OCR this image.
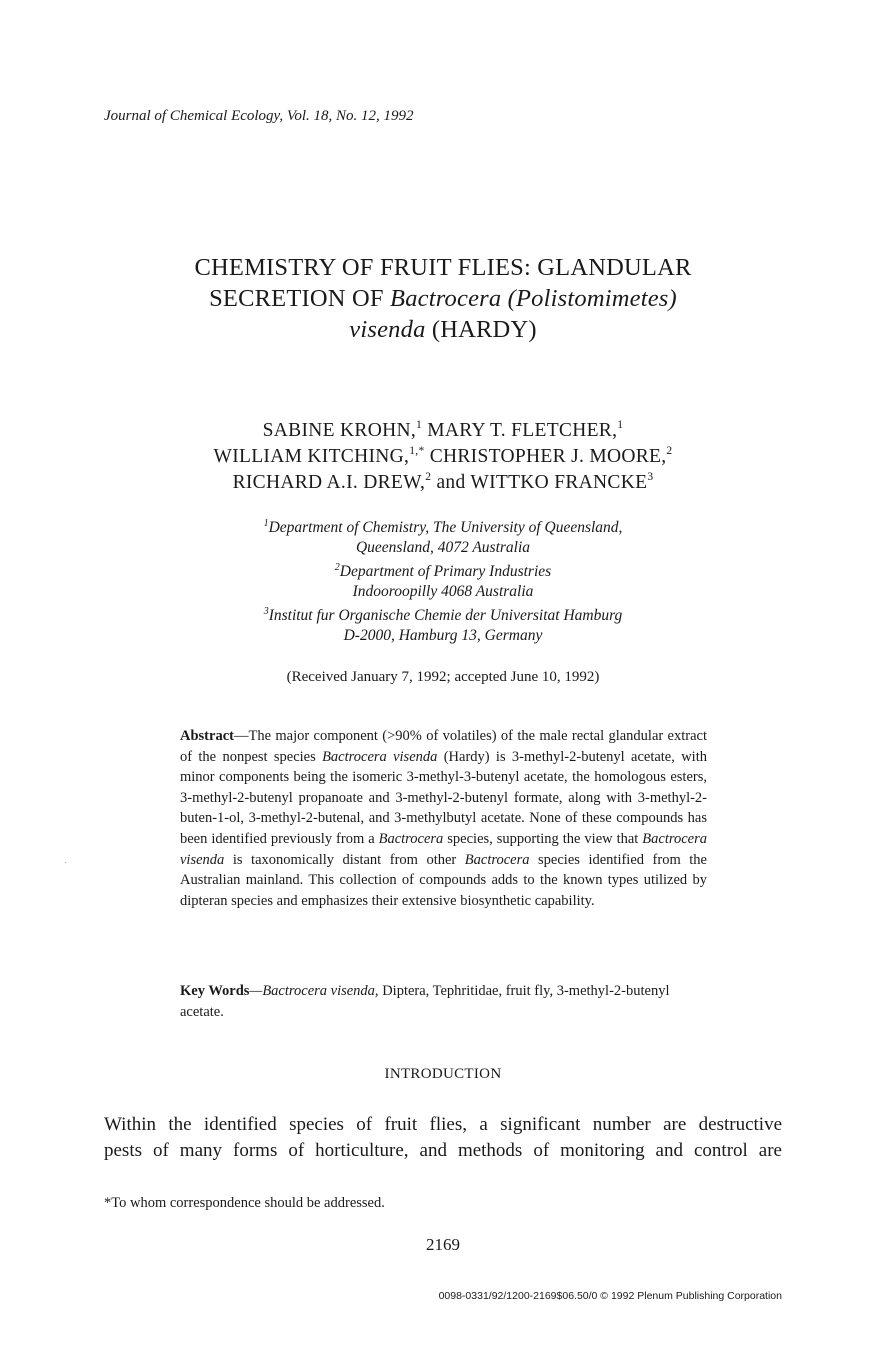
Journal of Chemical Ecology, Vol. 18, No. 12, 1992
CHEMISTRY OF FRUIT FLIES: GLANDULAR
SECRETION OF Bactrocera (Polistomimetes)
visenda (HARDY)
SABINE KROHN,$^1$ MARY T. FLETCHER,$^1$
WILLIAM KITCHING,$^{1,*}$ CHRISTOPHER J. MOORE,$^2$
RICHARD A.I. DREW,$^2$ and WITTKO FRANCKE$^3$
$^1$Department of Chemistry, The University of Queensland,
Queensland, 4072 Australia
$^2$Department of Primary Industries
Indooroopilly 4068 Australia
$^3$Institut fur Organische Chemie der Universitat Hamburg
D-2000, Hamburg 13, Germany
(Received January 7, 1992; accepted June 10, 1992)
Abstract—The major component (>90% of volatiles) of the male rectal glandular extract of the nonpest species Bactrocera visenda (Hardy) is 3-methyl-2-butenyl acetate, with minor components being the isomeric 3-methyl-3-butenyl acetate, the homologous esters, 3-methyl-2-butenyl propanoate and 3-methyl-2-butenyl formate, along with 3-methyl-2-buten-1-ol, 3-methyl-2-butenal, and 3-methylbutyl acetate. None of these compounds has been identified previously from a Bactrocera species, supporting the view that Bactrocera visenda is taxonomically distant from other Bactrocera species identified from the Australian mainland. This collection of compounds adds to the known types utilized by dipteran species and emphasizes their extensive biosynthetic capability.
Key Words—Bactrocera visenda, Diptera, Tephritidae, fruit fly, 3-methyl-2-butenyl acetate.
INTRODUCTION
Within the identified species of fruit flies, a significant number are destructive
pests of many forms of horticulture, and methods of monitoring and control are
*To whom correspondence should be addressed.
2169
0098-0331/92/1200-2169$06.50/0 © 1992 Plenum Publishing Corporation
·
